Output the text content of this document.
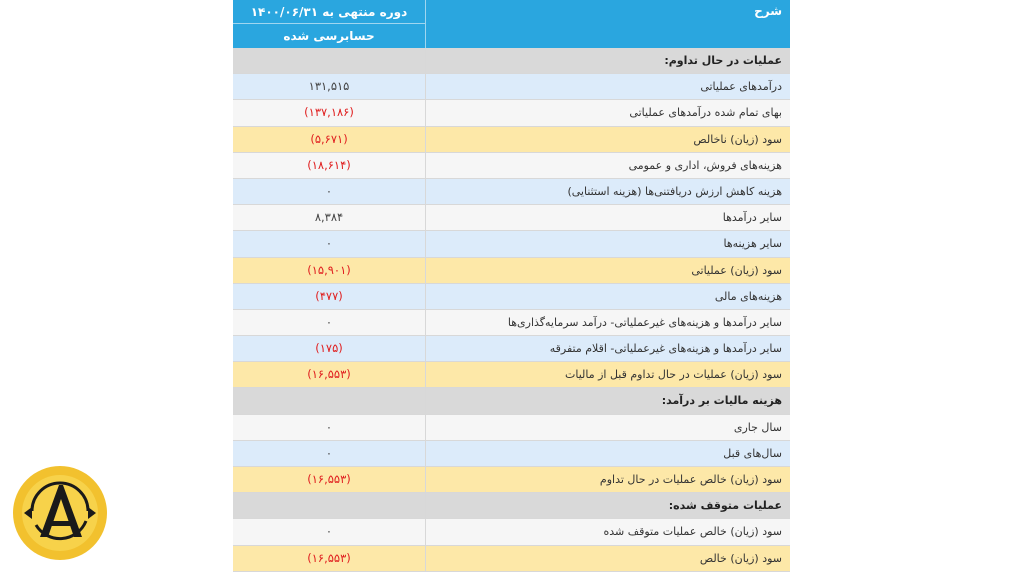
شرح
دوره منتهی به ۱۴۰۰/۰۶/۳۱
حسابرسی شده
عملیات در حال تداوم:
درآمدهای عملیاتی
۱۳۱,۵۱۵
بهای تمام شده درآمدهای عملیاتی
(۱۳۷,۱۸۶)
سود (زیان) ناخالص
(۵,۶۷۱)
هزینه‌های فروش، اداری و عمومی
(۱۸,۶۱۴)
هزینه کاهش ارزش دریافتنی‌ها (هزینه استثنایی)
۰
سایر درآمدها
۸,۳۸۴
سایر هزینه‌ها
۰
سود (زیان) عملیاتی
(۱۵,۹۰۱)
هزینه‌های مالی
(۴۷۷)
سایر درآمدها و هزینه‌های غیرعملیاتی- درآمد سرمایه‌گذاری‌ها
۰
سایر درآمدها و هزینه‌های غیرعملیاتی- اقلام متفرقه
(۱۷۵)
سود (زیان) عملیات در حال تداوم قبل از مالیات
(۱۶,۵۵۳)
هزینه مالیات بر درآمد:
سال جاری
۰
سال‌های قبل
۰
سود (زیان) خالص عملیات در حال تداوم
(۱۶,۵۵۳)
عملیات متوقف شده:
سود (زیان) خالص عملیات متوقف شده
۰
سود (زیان) خالص
(۱۶,۵۵۳)
